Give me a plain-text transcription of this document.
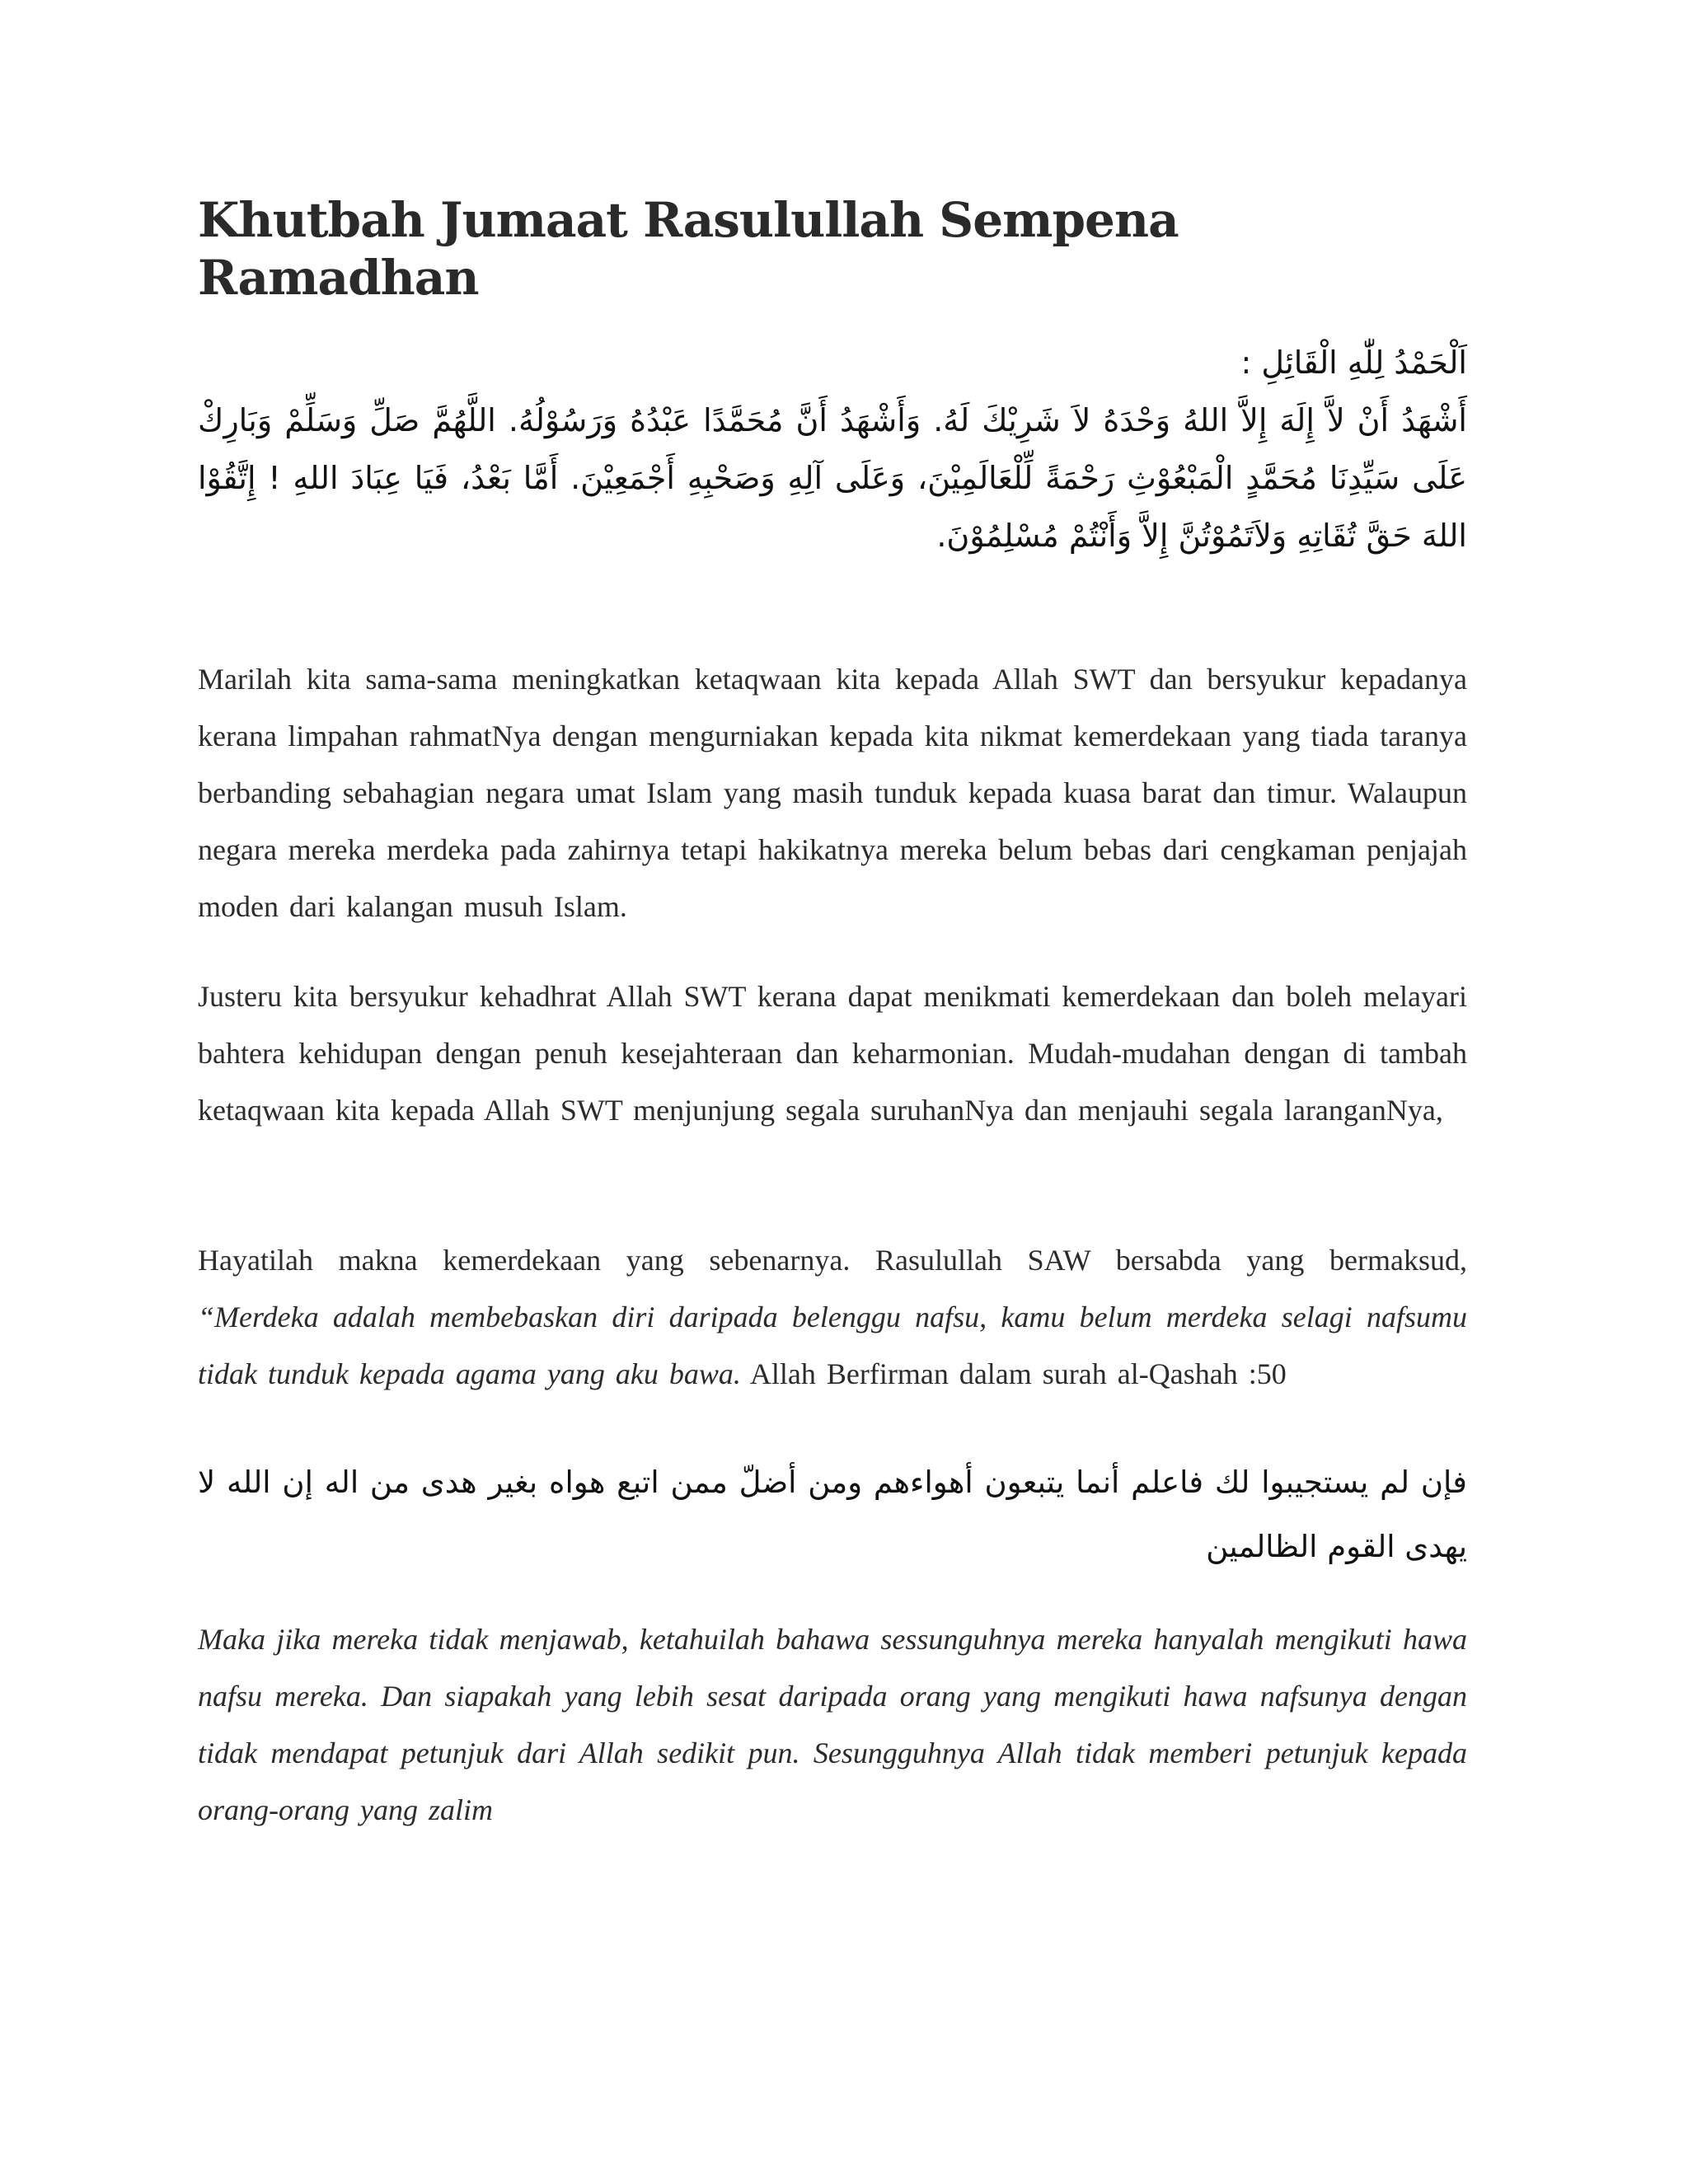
Khutbah Jumaat Rasulullah Sempena Ramadhan
اَلْحَمْدُ لِلّٰهِ الْقَائِلِ :
أَشْهَدُ أَنْ لاَّ إِلَهَ إِلاَّ اللهُ وَحْدَهُ لاَ شَرِيْكَ لَهُ. وَأَشْهَدُ أَنَّ مُحَمَّدًا عَبْدُهُ وَرَسُوْلُهُ. اللَّهُمَّ صَلِّ وَسَلِّمْ وَبَارِكْ عَلَى سَيِّدِنَا مُحَمَّدٍ الْمَبْعُوْثِ رَحْمَةً لِّلْعَالَمِيْنَ، وَعَلَى آلِهِ وَصَحْبِهِ أَجْمَعِيْنَ. أَمَّا بَعْدُ، فَيَا عِبَادَ اللهِ ! إِتَّقُوْا اللهَ حَقَّ تُقَاتِهِ وَلاَتَمُوْتُنَّ إِلاَّ وَأَنْتُمْ مُسْلِمُوْنَ.

Marilah kita sama-sama meningkatkan ketaqwaan kita kepada Allah SWT dan bersyukur kepadanya kerana limpahan rahmatNya dengan mengurniakan kepada kita nikmat kemerdekaan yang tiada taranya berbanding sebahagian negara umat Islam yang masih tunduk kepada kuasa barat dan timur. Walaupun negara mereka merdeka pada zahirnya tetapi hakikatnya mereka belum bebas dari cengkaman penjajah moden dari kalangan musuh Islam.

Justeru kita bersyukur kehadhrat Allah SWT kerana dapat menikmati kemerdekaan dan boleh melayari bahtera kehidupan dengan penuh kesejahteraan dan keharmonian. Mudah-mudahan dengan di tambah ketaqwaan kita kepada Allah SWT menjunjung segala suruhanNya dan menjauhi segala laranganNya,

Hayatilah makna kemerdekaan yang sebenarnya. Rasulullah SAW bersabda yang bermaksud, “Merdeka adalah membebaskan diri daripada belenggu nafsu, kamu belum merdeka selagi nafsumu tidak tunduk kepada agama yang aku bawa. Allah Berfirman dalam surah al-Qashah :50

فإن لم يستجيبوا لك فاعلم أنما يتبعون أهواءهم ومن أضلّ ممن اتبع هواه بغير هدى من اله إن الله لا يهدى القوم الظالمين

Maka jika mereka tidak menjawab, ketahuilah bahawa sessunguhnya mereka hanyalah mengikuti hawa nafsu mereka. Dan siapakah yang lebih sesat daripada orang yang mengikuti hawa nafsunya dengan tidak mendapat petunjuk dari Allah sedikit pun. Sesungguhnya Allah tidak memberi petunjuk kepada orang-orang yang zalim
